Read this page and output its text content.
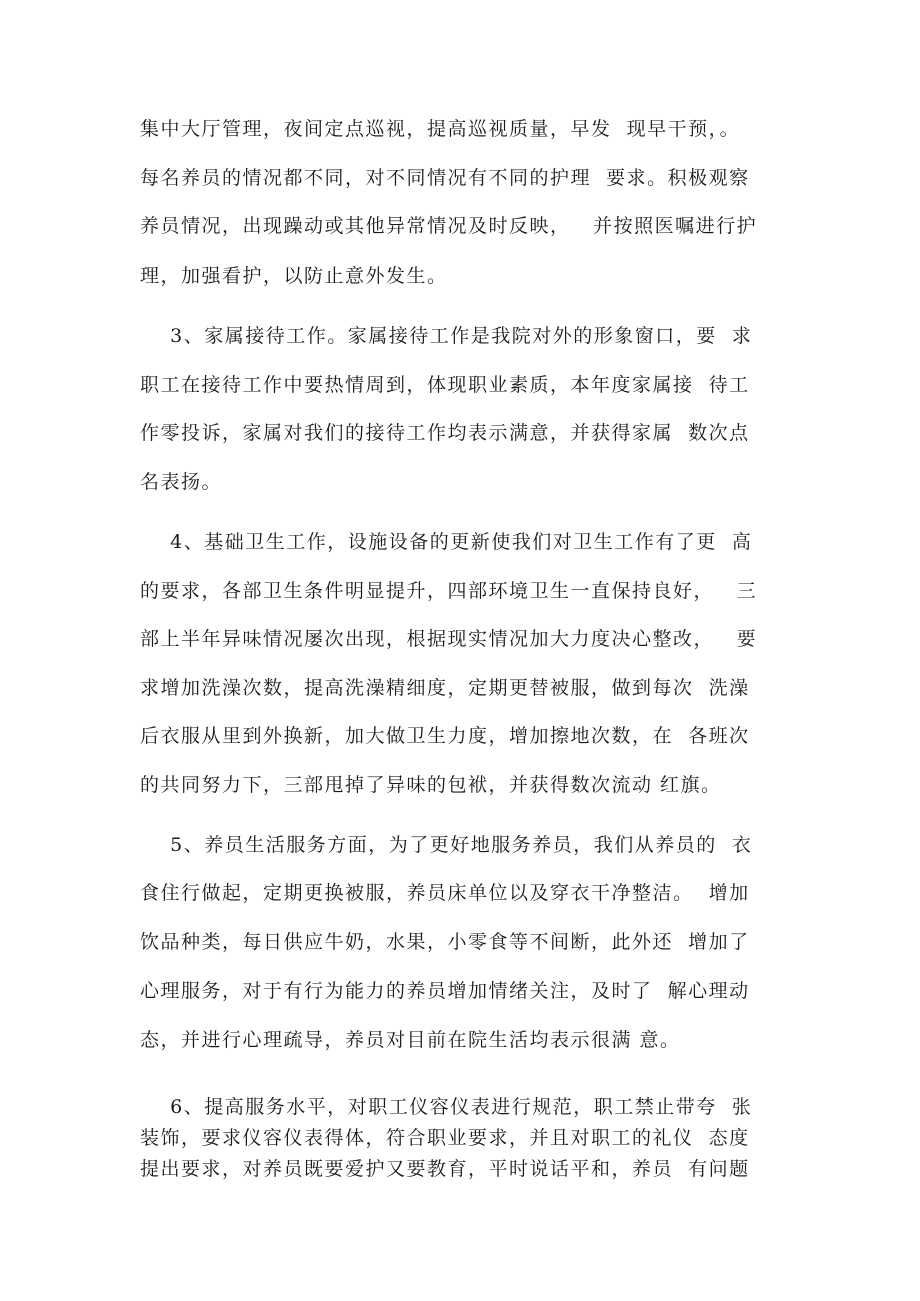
集中大厅管理，夜间定点巡视，提高巡视质量，早发  现早干预，。
每名养员的情况都不同，对不同情况有不同的护理  要求。积极观察
养员情况，出现躁动或其他异常情况及时反映，   并按照医嘱进行护
理，加强看护，以防止意外发生。
3、家属接待工作。家属接待工作是我院对外的形象窗口，要  求
职工在接待工作中要热情周到，体现职业素质，本年度家属接  待工
作零投诉，家属对我们的接待工作均表示满意，并获得家属  数次点
名表扬。
4、基础卫生工作，设施设备的更新使我们对卫生工作有了更  高
的要求，各部卫生条件明显提升，四部环境卫生一直保持良好，   三
部上半年异味情况屡次出现，根据现实情况加大力度决心整改，   要
求增加洗澡次数，提高洗澡精细度，定期更替被服，做到每次  洗澡
后衣服从里到外换新，加大做卫生力度，增加擦地次数，在  各班次
的共同努力下，三部甩掉了异味的包袱，并获得数次流动 红旗。
5、养员生活服务方面，为了更好地服务养员，我们从养员的  衣
食住行做起，定期更换被服，养员床单位以及穿衣干净整洁。  增加
饮品种类，每日供应牛奶，水果，小零食等不间断，此外还  增加了
心理服务，对于有行为能力的养员增加情绪关注，及时了  解心理动
态，并进行心理疏导，养员对目前在院生活均表示很满 意。
6、提高服务水平，对职工仪容仪表进行规范，职工禁止带夸  张
装饰，要求仪容仪表得体，符合职业要求，并且对职工的礼仪  态度
提出要求，对养员既要爱护又要教育，平时说话平和，养员  有问题
